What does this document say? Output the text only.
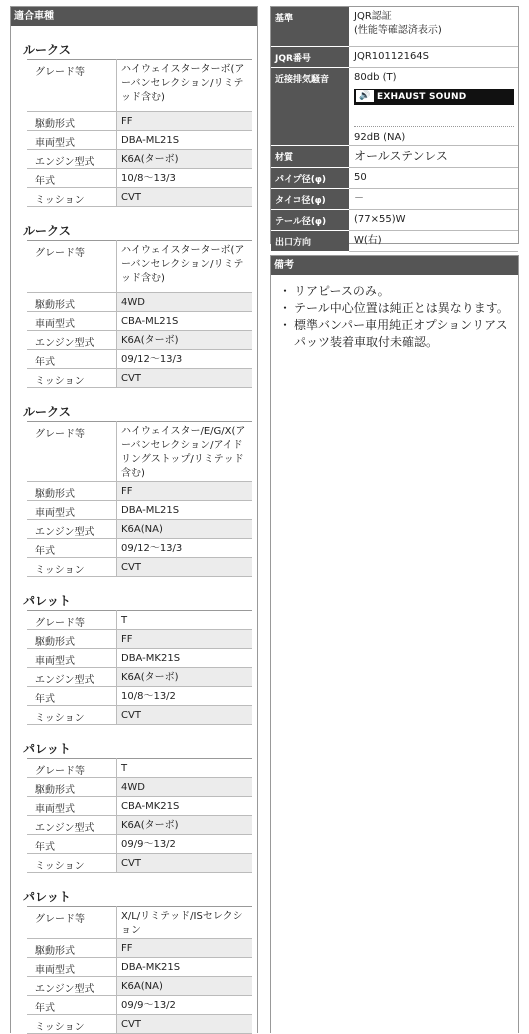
適合車種
ルークス
グレード等	ハイウェイスターターボ(アーバンセレクション/リミテッド含む)
駆動形式	FF
車両型式	DBA-ML21S
エンジン型式	K6A(ターボ)
年式	10/8～13/3
ミッション	CVT
ルークス
グレード等	ハイウェイスターターボ(アーバンセレクション/リミテッド含む)
駆動形式	4WD
車両型式	CBA-ML21S
エンジン型式	K6A(ターボ)
年式	09/12～13/3
ミッション	CVT
ルークス
グレード等	ハイウェイスター/E/G/X(アーバンセレクション/アイドリングストップ/リミテッド含む)
駆動形式	FF
車両型式	DBA-ML21S
エンジン型式	K6A(NA)
年式	09/12～13/3
ミッション	CVT
パレット
グレード等	T
駆動形式	FF
車両型式	DBA-MK21S
エンジン型式	K6A(ターボ)
年式	10/8～13/2
ミッション	CVT
パレット
グレード等	T
駆動形式	4WD
車両型式	CBA-MK21S
エンジン型式	K6A(ターボ)
年式	09/9～13/2
ミッション	CVT
パレット
グレード等	X/L/リミテッド/ISセレクション
駆動形式	FF
車両型式	DBA-MK21S
エンジン型式	K6A(NA)
年式	09/9～13/2
ミッション	CVT
基準	JQR認証
(性能等確認済表示)

JQR番号	JQR10112164S
近接排気騒音	80db (T)
🔊 EXHAUST SOUND SAMPLE
92dB (NA)

材質	オールステンレス
パイプ径(φ)	50
タイコ径(φ)	－
テール径(φ)	(77×55)W
出口方向	W(右)
備考
・ リアピースのみ。
・ テール中心位置は純正とは異なります。
・ 標準バンパー車用純正オプションリアスパッツ装着車取付未確認。
